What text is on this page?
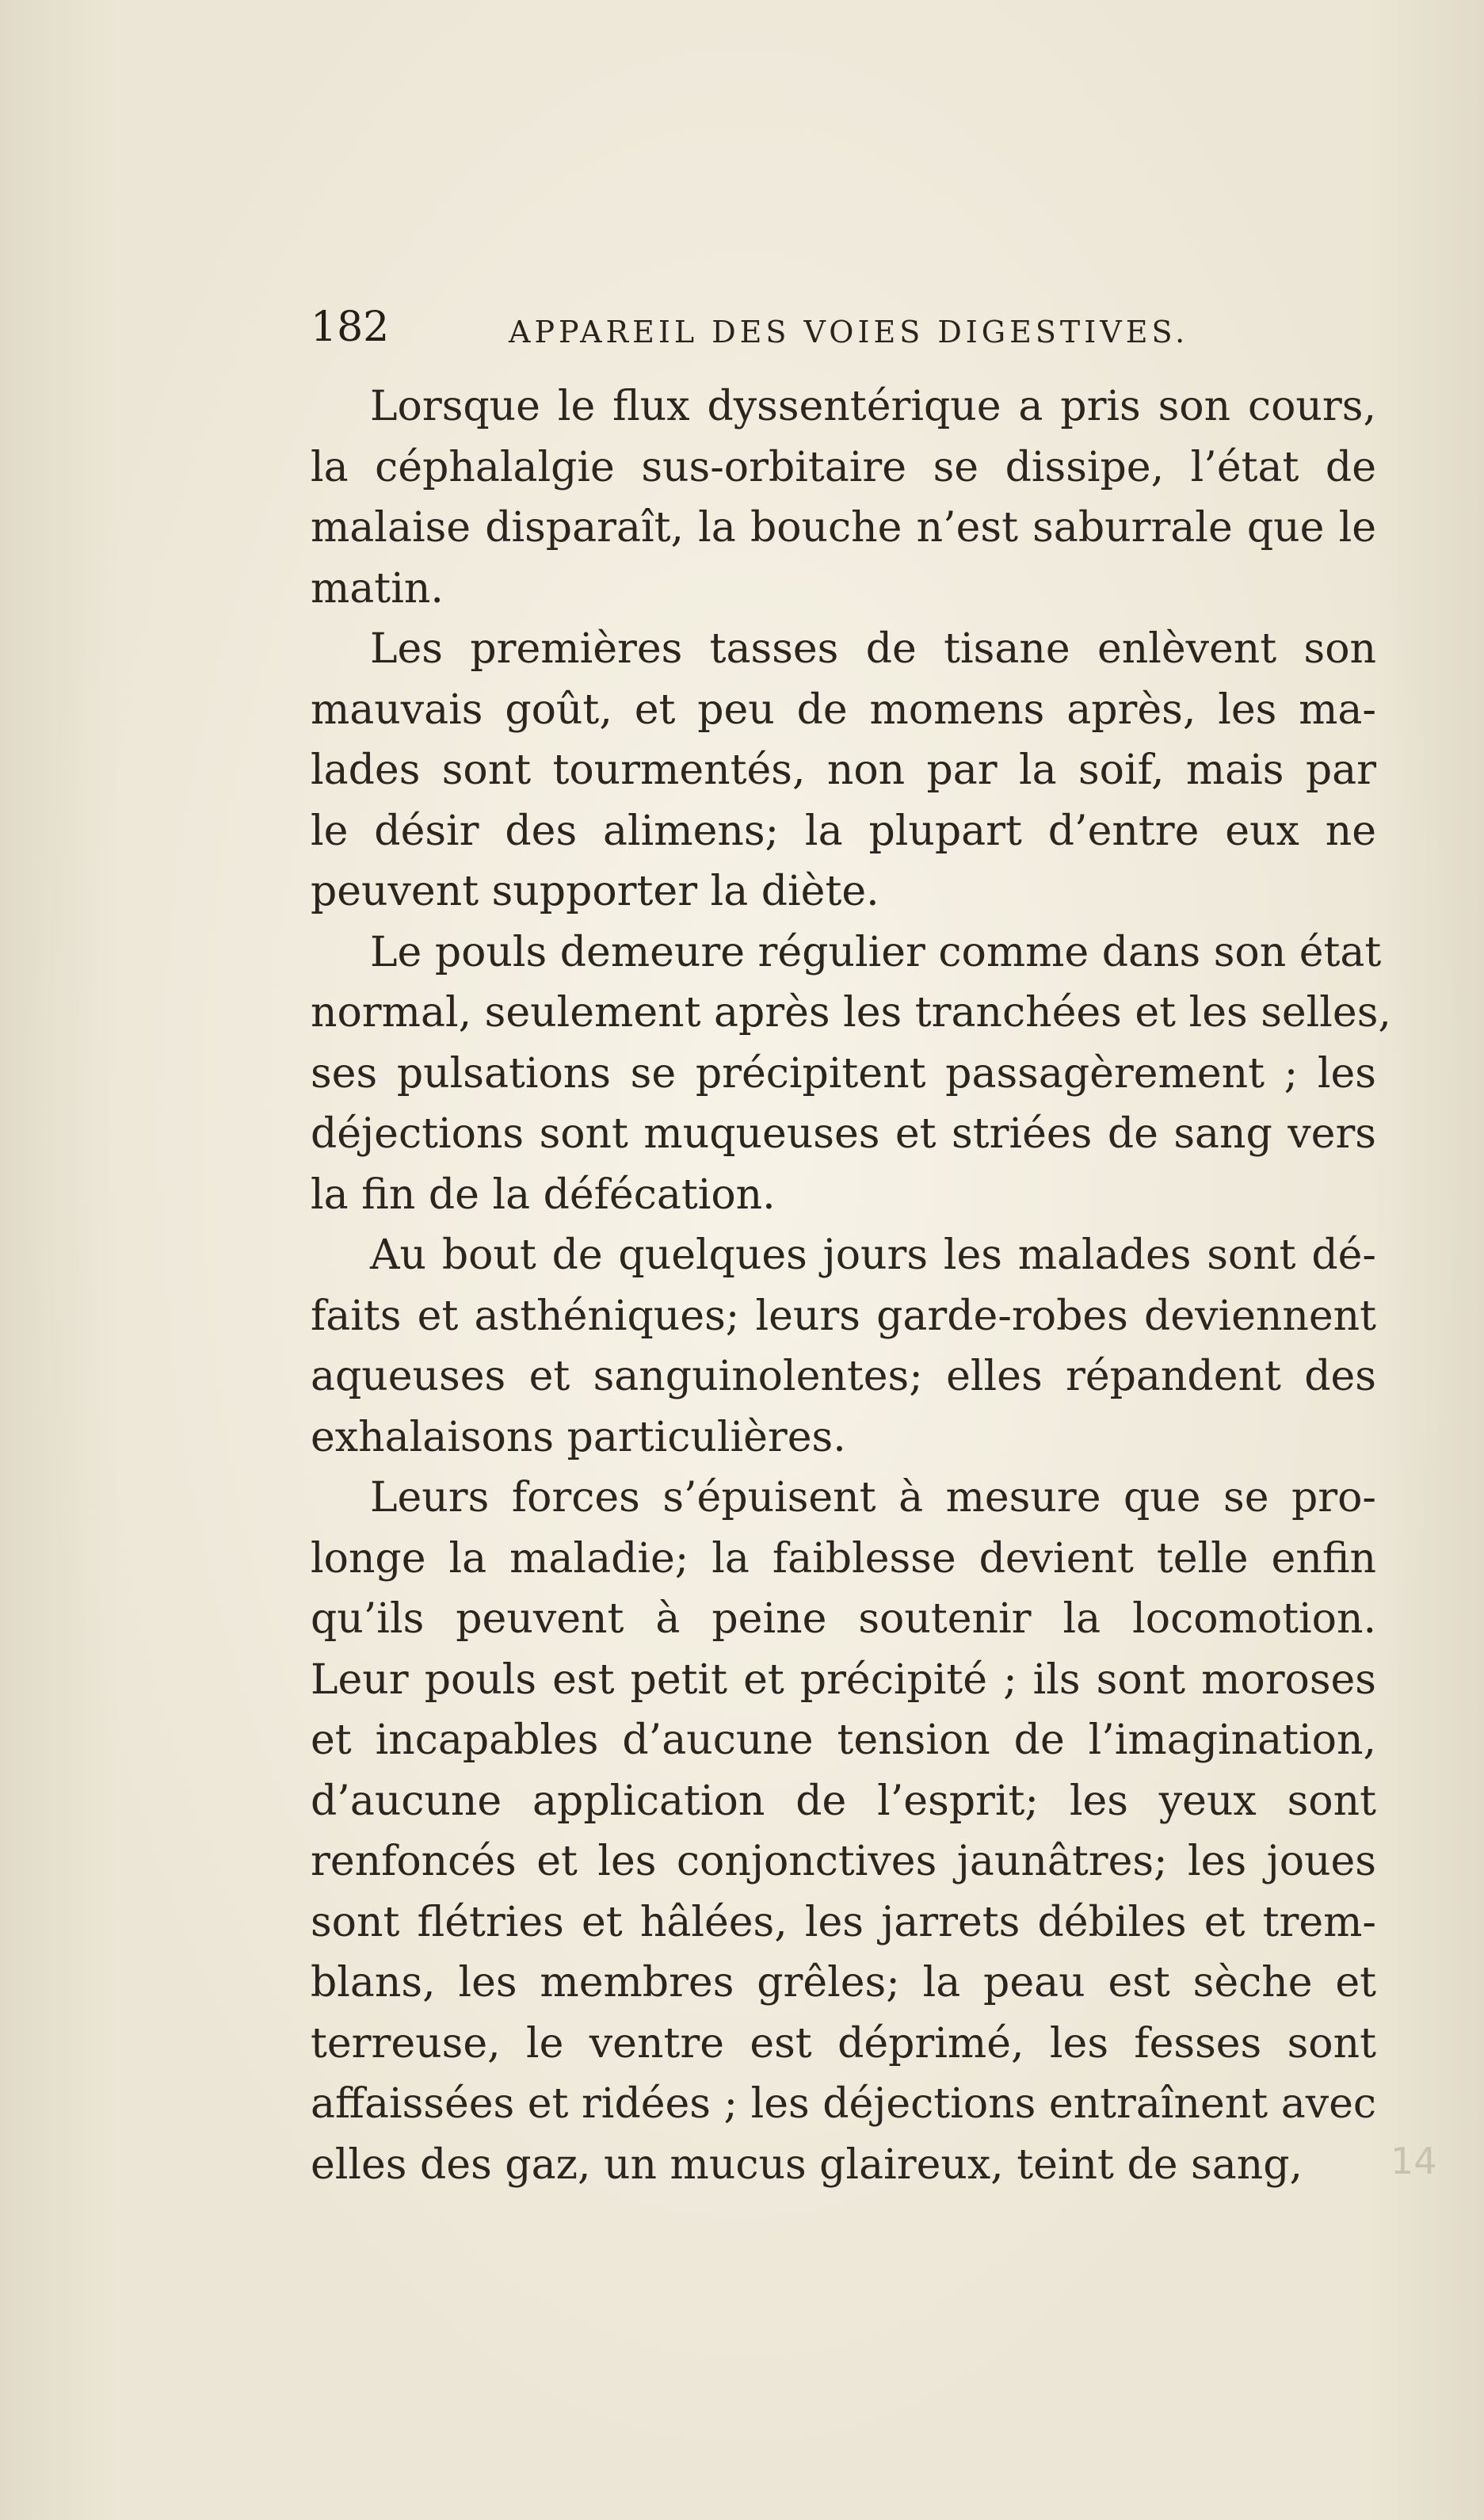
182	APPAREIL DES VOIES DIGESTIVES.
Lorsque le flux dyssentérique a pris son cours,
la céphalalgie sus-orbitaire se dissipe, l’état de
malaise disparaît, la bouche n’est saburrale que le
matin.
Les premières tasses de tisane enlèvent son
mauvais goût, et peu de momens après, les ma-
lades sont tourmentés, non par la soif, mais par
le désir des alimens; la plupart d’entre eux ne
peuvent supporter la diète.
Le pouls demeure régulier comme dans son état
normal, seulement après les tranchées et les selles,
ses pulsations se précipitent passagèrement ; les
déjections sont muqueuses et striées de sang vers
la fin de la défécation.
Au bout de quelques jours les malades sont dé-
faits et asthéniques; leurs garde-robes deviennent
aqueuses et sanguinolentes; elles répandent des
exhalaisons particulières.
Leurs forces s’épuisent à mesure que se pro-
longe la maladie; la faiblesse devient telle enfin
qu’ils peuvent à peine soutenir la locomotion.
Leur pouls est petit et précipité ; ils sont moroses
et incapables d’aucune tension de l’imagination,
d’aucune application de l’esprit; les yeux sont
renfoncés et les conjonctives jaunâtres; les joues
sont flétries et hâlées, les jarrets débiles et trem-
blans, les membres grêles; la peau est sèche et
terreuse, le ventre est déprimé, les fesses sont
affaissées et ridées ; les déjections entraînent avec
elles des gaz, un mucus glaireux, teint de sang,	14
